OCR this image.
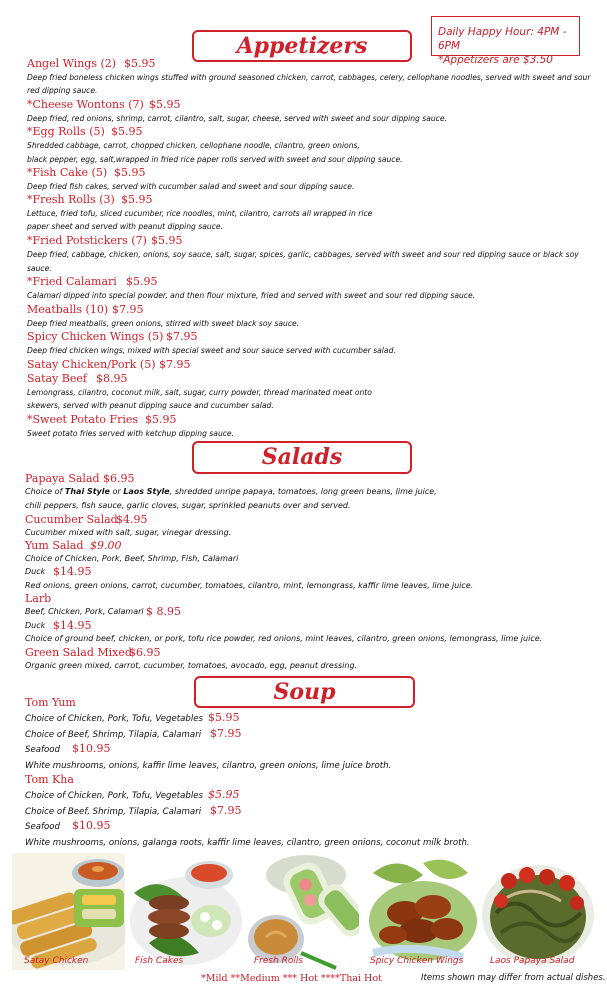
Daily Happy Hour: 4PM - 6PM
*Appetizers are $3.50
Appetizers
Angel Wings (2) $5.95
Deep fried boneless chicken wings stuffed with ground seasoned chicken, carrot, cabbages, celery, cellophane noodles, served with sweet and sour
red dipping sauce.
*Cheese Wontons (7) $5.95
Deep fried, red onions, shrimp, carrot, cilantro, salt, sugar, cheese, served with sweet and sour dipping sauce.
*Egg Rolls (5) $5.95
Shredded cabbage, carrot, chopped chicken, cellophane noodle, cilantro, green onions,
black pepper, egg, salt,wrapped in fried rice paper rolls served with sweet and sour dipping sauce.
*Fish Cake (5) $5.95
Deep fried fish cakes, served with cucumber salad and sweet and sour dipping sauce.
*Fresh Rolls (3) $5.95
Lettuce, fried tofu, sliced cucumber, rice noodles, mint, cilantro, carrots all wrapped in rice
paper sheet and served with peanut dipping sauce.
*Fried Potstickers (7) $5.95
Deep fried, cabbage, chicken, onions, soy sauce, salt, sugar, spices, garlic, cabbages, served with sweet and sour red dipping sauce or black soy
sauce.
*Fried Calamari $5.95
Calamari dipped into special powder, and then flour mixture, fried and served with sweet and sour red dipping sauce.
Meatballs (10) $7.95
Deep fried meatballs, green onions, stirred with sweet black soy sauce.
Spicy Chicken Wings (5) $7.95
Deep fried chicken wings, mixed with special sweet and sour sauce served with cucumber salad.
Satay Chicken/Pork (5) $7.95
Satay Beef $8.95
Lemongrass, cilantro, coconut milk, salt, sugar, curry powder, thread marinated meat onto
skewers, served with peanut dipping sauce and cucumber salad.
*Sweet Potato Fries $5.95
Sweet potato fries served with ketchup dipping sauce.
Salads
Papaya Salad $6.95
Choice of Thai Style or Laos Style, shredded unripe papaya, tomatoes, long green beans, lime juice,
chili peppers, fish sauce, garlic cloves, sugar, sprinkled peanuts over and served.
Cucumber Salad
$4.95
Cucumber mixed with salt, sugar, vinegar dressing.
Yum Salad $9.00
Choice of Chicken, Pork, Beef, Shrimp, Fish, Calamari
Duck $14.95
Red onions, green onions, carrot, cucumber, tomatoes, cilantro, mint, lemongrass, kaffir lime leaves, lime juice.
Larb
Beef, Chicken, Pork, Calamari $ 8.95
Duck $14.95
Choice of ground beef, chicken, or pork, tofu rice powder, red onions, mint leaves, cilantro, green onions, lemongrass, lime juice.
Green Salad Mixed
$6.95
Organic green mixed, carrot, cucumber, tomatoes, avocado, egg, peanut dressing.
Soup
Tom Yum
Choice of Chicken, Pork, Tofu, Vegetables $5.95
Choice of Beef, Shrimp, Tilapia, Calamari $7.95
Seafood $10.95
White mushrooms, onions, kaffir lime leaves, cilantro, green onions, lime juice broth.
Tom Kha
Choice of Chicken, Pork, Tofu, Vegetables $5.95
Choice of Beef, Shrimp, Tilapia, Calamari $7.95
Seafood $10.95
White mushrooms, onions, galanga roots, kaffir lime leaves, cilantro, green onions, coconut milk broth.
Satay Chicken	Fish Cakes	Fresh Rolls	Spicy Chicken Wings	Laos Papaya Salad
*Mild **Medium *** Hot ****Thai Hot	Items shown may differ from actual dishes.
